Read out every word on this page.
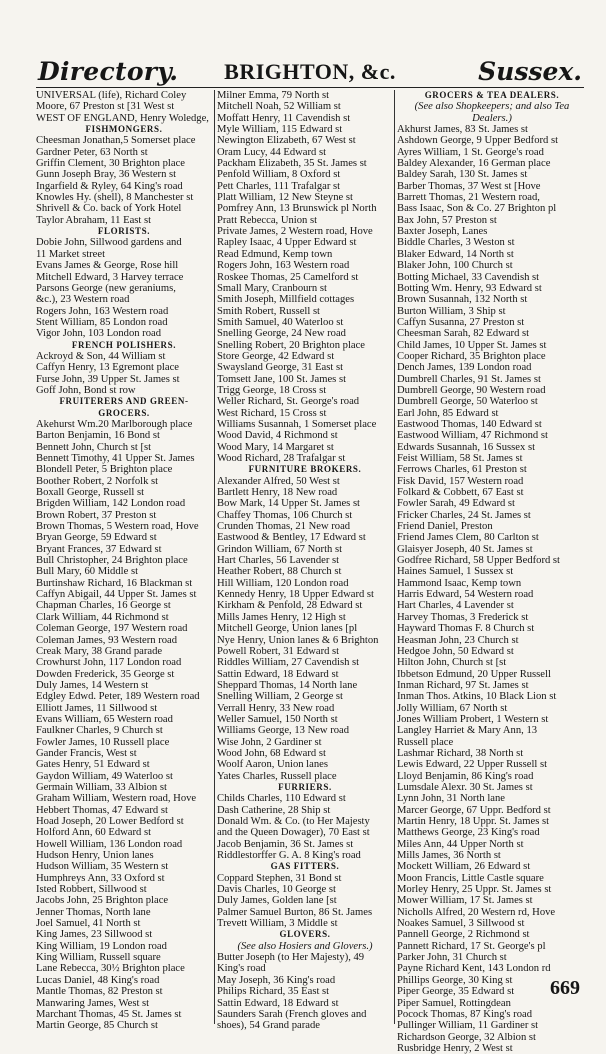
Directory.	BRIGHTON, &c.	Sussex.
UNIVERSAL (life), Richard Coley
Moore, 67 Preston st [31 West st
WEST OF ENGLAND, Henry Woledge,
FISHMONGERS.
Cheesman Jonathan,5 Somerset place
Gardner Peter, 63 North st
Griffin Clement, 30 Brighton place
Gunn Joseph Bray, 36 Western st
Ingarfield & Ryley, 64 King's road
Knowles Hy. (shell), 8 Manchester st
Shrivell & Co. back of York Hotel
Taylor Abraham, 11 East st
FLORISTS.
Dobie John, Sillwood gardens and
11 Market street
Evans James & George, Rose hill
Mitchell Edward, 3 Harvey terrace
Parsons George (new geraniums,
&c.), 23 Western road
Rogers John, 163 Western road
Stent William, 85 London road
Vigor John, 103 London road
FRENCH POLISHERS.
Ackroyd & Son, 44 William st
Caffyn Henry, 13 Egremont place
Furse John, 39 Upper St. James st
Goff John, Bond st row
FRUITERERS AND GREEN-
GROCERS.
Akehurst Wm.20 Marlborough place
Barton Benjamin, 16 Bond st
Bennett John, Church st [st
Bennett Timothy, 41 Upper St. James
Blondell Peter, 5 Brighton place
Boother Robert, 2 Norfolk st
Boxall George, Russell st
Brigden William, 142 London road
Brown Robert, 37 Preston st
Brown Thomas, 5 Western road, Hove
Bryan George, 59 Edward st
Bryant Frances, 37 Edward st
Bull Christopher, 24 Brighton place
Bull Mary, 60 Middle st
Burtinshaw Richard, 16 Blackman st
Caffyn Abigail, 44 Upper St. James st
Chapman Charles, 16 George st
Clark William, 44 Richmond st
Coleman George, 197 Western road
Coleman James, 93 Western road
Creak Mary, 38 Grand parade
Crowhurst John, 117 London road
Dowden Frederick, 35 George st
Duly James, 14 Western st
Edgley Edwd. Peter, 189 Western road
Elliott James, 11 Sillwood st
Evans William, 65 Western road
Faulkner Charles, 9 Church st
Fowler James, 10 Russell place
Gander Francis, West st
Gates Henry, 51 Edward st
Gaydon William, 49 Waterloo st
Germain William, 33 Albion st
Graham William, Western road, Hove
Hebbert Thomas, 47 Edward st
Hoad Joseph, 20 Lower Bedford st
Holford Ann, 60 Edward st
Howell William, 136 London road
Hudson Henry, Union lanes
Hudson William, 35 Western st
Humphreys Ann, 33 Oxford st
Isted Robbert, Sillwood st
Jacobs John, 25 Brighton place
Jenner Thomas, North lane
Joel Samuel, 41 North st
King James, 23 Sillwood st
King William, 19 London road
King William, Russell square
Lane Rebecca, 30½ Brighton place
Lucas Daniel, 48 King's road
Mantle Thomas, 82 Preston st
Manwaring James, West st
Marchant Thomas, 45 St. James st
Martin George, 85 Church st
Milner Emma, 79 North st
Mitchell Noah, 52 William st
Moffatt Henry, 11 Cavendish st
Myle William, 115 Edward st
Newington Elizabeth, 67 West st
Oram Lucy, 44 Edward st
Packham Elizabeth, 35 St. James st
Penfold William, 8 Oxford st
Pett Charles, 111 Trafalgar st
Platt William, 12 New Steyne st
Pomfrey Ann, 13 Brunswick pl North
Pratt Rebecca, Union st
Private James, 2 Western road, Hove
Rapley Isaac, 4 Upper Edward st
Read Edmund, Kemp town
Rogers John, 163 Western road
Roskee Thomas, 25 Camelford st
Small Mary, Cranbourn st
Smith Joseph, Millfield cottages
Smith Robert, Russell st
Smith Samuel, 40 Waterloo st
Snelling George, 24 New road
Snelling Robert, 20 Brighton place
Store George, 42 Edward st
Swaysland George, 31 East st
Tomsett Jane, 100 St. James st
Trigg George, 18 Cross st
Weller Richard, St. George's road
West Richard, 15 Cross st
Williams Susannah, 1 Somerset place
Wood David, 4 Richmond st
Wood Mary, 14 Margaret st
Wood Richard, 28 Trafalgar st
FURNITURE BROKERS.
Alexander Alfred, 50 West st
Bartlett Henry, 18 New road
Bow Mark, 14 Upper St. James st
Chaffey Thomas, 106 Church st
Crunden Thomas, 21 New road
Eastwood & Bentley, 17 Edward st
Grindon William, 67 North st
Hart Charles, 56 Lavender st
Heather Robert, 88 Church st
Hill William, 120 London road
Kennedy Henry, 18 Upper Edward st
Kirkham & Penfold, 28 Edward st
Mills James Henry, 12 High st
Mitchell George, Union lanes [pl
Nye Henry, Union lanes & 6 Brighton
Powell Robert, 31 Edward st
Riddles William, 27 Cavendish st
Sattin Edward, 18 Edward st
Sheppard Thomas, 14 North lane
Snelling William, 2 George st
Verrall Henry, 33 New road
Weller Samuel, 150 North st
Williams George, 13 New road
Wise John, 2 Gardiner st
Wood John, 68 Edward st
Woolf Aaron, Union lanes
Yates Charles, Russell place
FURRIERS.
Childs Charles, 110 Edward st
Dash Catherine, 28 Ship st
Donald Wm. & Co. (to Her Majesty
and the Queen Dowager), 70 East st
Jacob Benjamin, 36 St. James st
Riddlestorffer G. A. 8 King's road
GAS FITTERS.
Coppard Stephen, 31 Bond st
Davis Charles, 10 George st
Duly James, Golden lane [st
Palmer Samuel Burton, 86 St. James
Trevett William, 3 Middle st
GLOVERS.
(See also Hosiers and Glovers.)
Butter Joseph (to Her Majesty), 49
King's road
May Joseph, 36 King's road
Philips Richard, 35 East st
Sattin Edward, 18 Edward st
Saunders Sarah (French gloves and
shoes), 54 Grand parade
GROCERS & TEA DEALERS.
(See also Shopkeepers; and also Tea
Dealers.)
Akhurst James, 83 St. James st
Ashdown George, 9 Upper Bedford st
Ayres William, 1 St. George's road
Baldey Alexander, 16 German place
Baldey Sarah, 130 St. James st
Barber Thomas, 37 West st [Hove
Barrett Thomas, 21 Western road,
Bass Isaac, Son & Co. 27 Brighton pl
Bax John, 57 Preston st
Baxter Joseph, Lanes
Biddle Charles, 3 Weston st
Blaker Edward, 14 North st
Blaker John, 100 Church st
Botting Michael, 33 Cavendish st
Botting Wm. Henry, 93 Edward st
Brown Susannah, 132 North st
Burton William, 3 Ship st
Caffyn Susanna, 27 Preston st
Cheesman Sarah, 82 Edward st
Child James, 10 Upper St. James st
Cooper Richard, 35 Brighton place
Dench James, 139 London road
Dumbrell Charles, 91 St. James st
Dumbrell George, 90 Western road
Dumbrell George, 50 Waterloo st
Earl John, 85 Edward st
Eastwood Thomas, 140 Edward st
Eastwood William, 47 Richmond st
Edwards Susannah, 16 Sussex st
Feist William, 58 St. James st
Ferrows Charles, 61 Preston st
Fisk David, 157 Western road
Folkard & Cobbett, 67 East st
Fowler Sarah, 49 Edward st
Fricker Charles, 24 St. James st
Friend Daniel, Preston
Friend James Clem, 80 Carlton st
Glaisyer Joseph, 40 St. James st
Godfree Richard, 58 Upper Bedford st
Haines Samuel, 1 Sussex st
Hammond Isaac, Kemp town
Harris Edward, 54 Western road
Hart Charles, 4 Lavender st
Harvey Thomas, 3 Frederick st
Hayward Thomas F. 8 Church st
Heasman John, 23 Church st
Hedgoe John, 50 Edward st
Hilton John, Church st [st
Ibbetson Edmund, 20 Upper Russell
Inman Richard, 97 St. James st
Inman Thos. Atkins, 10 Black Lion st
Jolly William, 67 North st
Jones William Probert, 1 Western st
Langley Harriet & Mary Ann, 13
Russell place
Lashmar Richard, 38 North st
Lewis Edward, 22 Upper Russell st
Lloyd Benjamin, 86 King's road
Lumsdale Alexr. 30 St. James st
Lynn John, 31 North lane
Marcer George, 67 Uppr. Bedford st
Martin Henry, 18 Uppr. St. James st
Matthews George, 23 King's road
Miles Ann, 44 Upper North st
Mills James, 36 North st
Mockett William, 26 Edward st
Moon Francis, Little Castle square
Morley Henry, 25 Uppr. St. James st
Mower William, 17 St. James st
Nicholls Alfred, 20 Western rd, Hove
Noakes Samuel, 3 Sillwood st
Pannell George, 2 Richmond st
Pannett Richard, 17 St. George's pl
Parker John, 31 Church st
Payne Richard Kent, 143 London rd
Phillips George, 30 King st
Piper George, 35 Edward st
Piper Samuel, Rottingdean
Pocock Thomas, 87 King's road
Pullinger William, 11 Gardiner st
Richardson George, 32 Albion st
Rusbridge Henry, 2 West st
669
